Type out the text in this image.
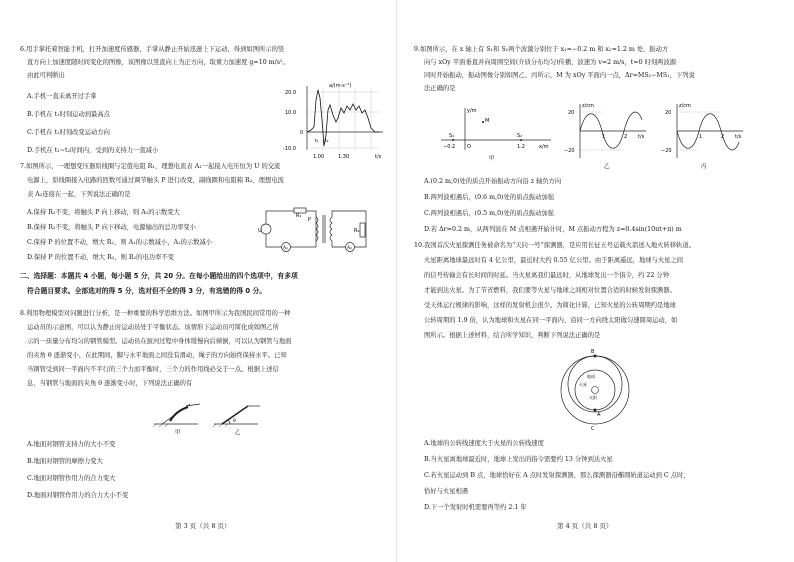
6.用手掌托着智能手机，打开加速度传感器，手掌从静止开始迅速上下运动，得到如图所示的竖
直方向上加速度随时间变化的图像，该图像以竖直向上为正方向，取重力加速度 g=10 m/s²。
由此可判断出
A.手机一直未离开过手掌
B.手机在 t₁时刻运动到最高点
C.手机在 t₂时刻改变运动方向
D.手机在 t₁~t₂时间内，受到的支持力一直减小
a/(m·s⁻²)
20.0
10.0
0
-10.0
1.00	1.30	t/s
t₁ t₂
7.如图所示，一理想变压器原线圈与定值电阻 R₁、理想电流表 A₁一起接入电压恒为 U 的交流
电源上，原线圈接入电路的匝数可通过调节触头 P 进行改变，副线圈和电阻箱 R₂、理想电流
表 A₂连接在一起，下列说法正确的是
A.保持 R₂不变，将触头 P 向上移动，则 A₁的示数变大
B.保持 R₂不变，将触头 P 向下移动，电源输出的总功率变小
C.保持 P 的位置不动，增大 R₂，则 A₁的示数减小，A₂的示数减小
D.保持 P 的位置不动，增大 R₂，则 R₂的电功率不变
R₁
U
A₁	A₂
R₂
P
二、选择题：本题共 4 小题，每小题 5 分，共 20 分。在每小题给出的四个选项中，有多项
符合题目要求。全部选对的得 5 分，选对但不全的得 3 分，有选错的得 0 分。
8.利用物理模型对问题进行分析，是一种重要的科学思维方法。如图甲所示为我国民间常用的一种
运动员的示意图，可以认为静止时运动员处于平衡状态。该情形下运动员可简化成如图乙所
示的一质量分布均匀的钢管模型。运动员在拔河过程中身体缓慢向后倾倒，可以认为钢管与地面
的夹角 θ 逐渐变小，在此期间，脚与水平地面之间没有滑动，绳子的方向始终保持水平。已知
当钢管受到同一平面内不平行的三个力而平衡时，三个力的作用线必交于一点。根据上述信
息，当钢管与地面的夹角 θ 逐渐变小时，下列说法正确的有
甲	乙
θ
A.地面对钢管支持力的大小不变
B.地面对钢管的摩擦力变大
C.地面对钢管作用力的合力变大
D.地面对钢管作用力的合力大小不变
第 3 页（共 8 页）
9.如图所示，在 x 轴上有 S₁和 S₂两个波源分别位于 x₁=−0.2 m 和 x₂=1.2 m 处，振动方
向与 xOy 平面垂直并向周围空间(介质分布均匀)传播，波速为 v=2 m/s，t=0 时刻两波源
同时开始振动，振动图像分别如图乙、丙所示，M 为 xOy 平面内一点，Δr=MS₂−MS₁，下列说
法正确的是
y/m
M
S₁	S₂
−0.2 O	1.2	x/m
甲
z/cm
20
−20
1	2 t/s
乙
z/cm
20
−20
1	2 t/s
丙
A.(0.2 m,0)处的质点开始振动方向沿 z 轴负方向
B.两列波相遇后，(0.6 m,0)处的质点振动加强
C.两列波相遇后，(0.5 m,0)处的质点振动加强
D.若 Δr=0.2 m，从两列波在 M 点相遇开始计时，M 点振动方程为 z=0.4sin(10πt+π) m
10.我国首次火星探测任务被命名为“天问一号”探测器，是应用长征五号运载火箭送入地火转移轨道。
火星距离地球最远时有 4 亿公里，最近时大约 0.55 亿公里。由于距离遥远，地球与火星之间
的信号传输会有长时间的时延。当火星离我们最远时，从地球发出一个指令，约 22 分钟
才能到达火星。为了节省燃料，我们要等火星与地球之间相对位置合适的时候发射探测器。
受天体运行规律的影响，这样的发射机会很少。为简化计算，已知火星的公转周期约是地球
公转周期的 1.9 倍，认为地球和火星在同一平面内、沿同一方向绕太阳做匀速圆周运动，如
图所示。根据上述材料，结合所学知识，判断下列说法正确的是
B
太阳
地球
火星
A
C
A.地球的公转线速度大于火星的公转线速度
B.当火星离地球最近时，地球上发出的指令需要约 13 分钟到达火星
C.若火星运动到 B 点，地球恰好在 A 点时发射探测器，那么探测器沿椭圆轨道运动到 C 点时，
恰好与火星相遇
D.下一个发射时机需要再等约 2.1 年
第 4 页（共 8 页）
